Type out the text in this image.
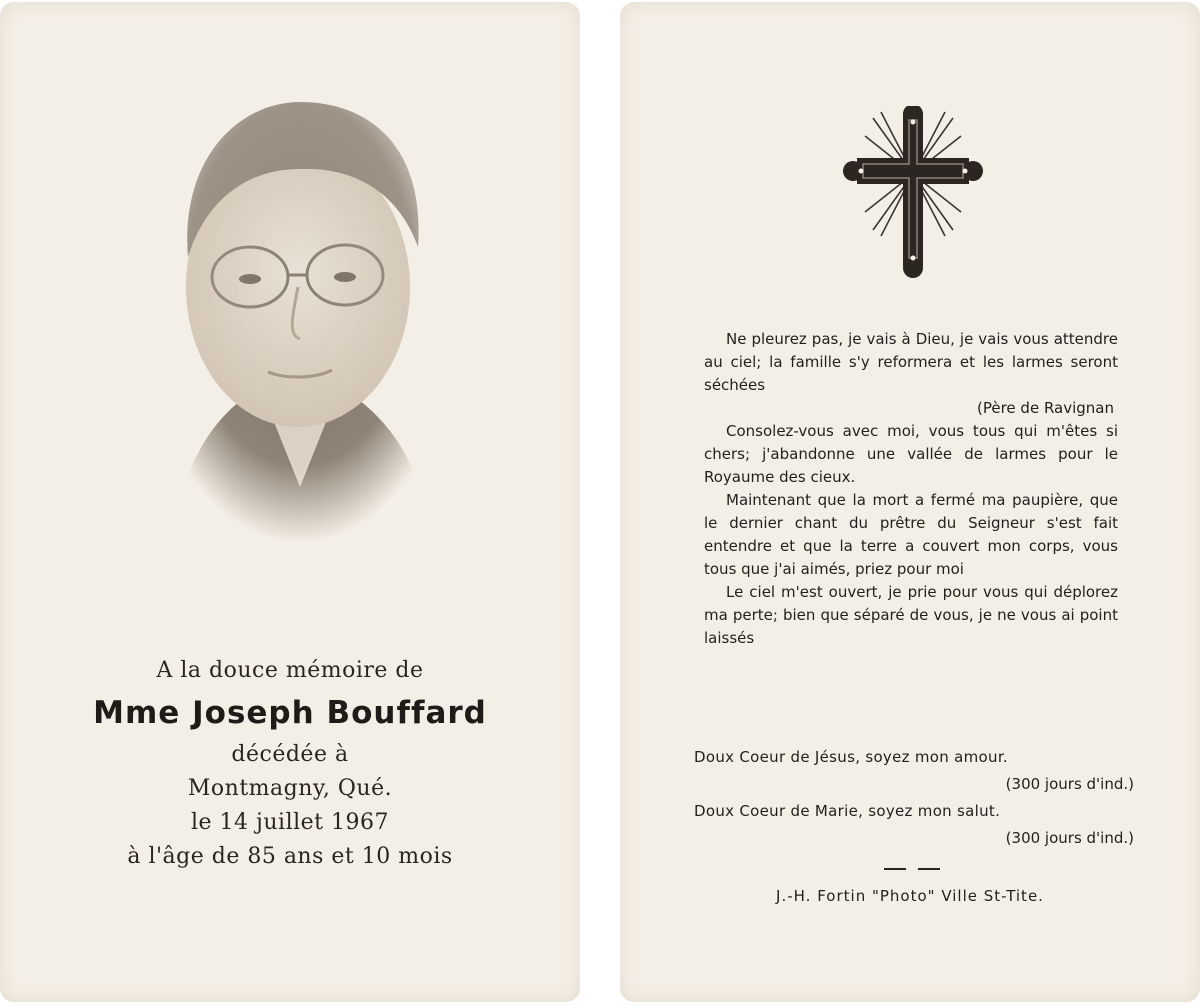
A la douce mémoire de
Mme Joseph Bouffard
décédée à
Montmagny, Qué.
le 14 juillet 1967
à l'âge de 85 ans et 10 mois

Ne pleurez pas, je vais à Dieu, je vais vous attendre au ciel; la famille s'y reformera et les larmes seront séchées

(Père de Ravignan

Consolez-vous avec moi, vous tous qui m'êtes si chers; j'abandonne une vallée de larmes pour le Royaume des cieux.

Maintenant que la mort a fermé ma paupière, que le dernier chant du prêtre du Seigneur s'est fait entendre et que la terre a couvert mon corps, vous tous que j'ai aimés, priez pour moi

Le ciel m'est ouvert, je prie pour vous qui déplorez ma perte; bien que séparé de vous, je ne vous ai point laissés

Doux Coeur de Jésus, soyez mon amour.
(300 jours d'ind.)
Doux Coeur de Marie, soyez mon salut.
(300 jours d'ind.)
J.-H. Fortin "Photo" Ville St-Tite.
